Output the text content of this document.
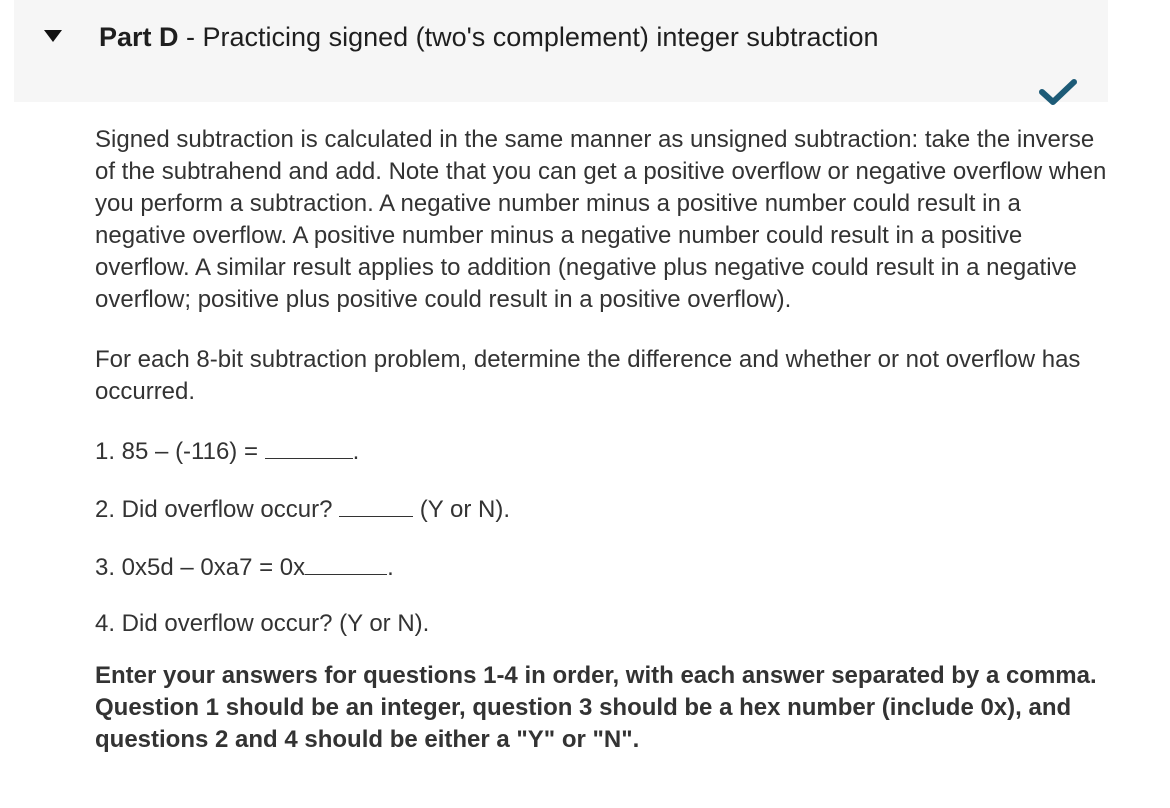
Part D - Practicing signed (two's complement) integer subtraction

Signed subtraction is calculated in the same manner as unsigned subtraction: take the inverse of the subtrahend and add. Note that you can get a positive overflow or negative overflow when you perform a subtraction. A negative number minus a positive number could result in a negative overflow. A positive number minus a negative number could result in a positive overflow. A similar result applies to addition (negative plus negative could result in a negative overflow; positive plus positive could result in a positive overflow).

For each 8-bit subtraction problem, determine the difference and whether or not overflow has occurred.

1. 85 – (-116) =	.
2. Did overflow occur?	(Y or N).
3. 0x5d – 0xa7 = 0x	.
4. Did overflow occur? (Y or N).

Enter your answers for questions 1-4 in order, with each answer separated by a comma. Question 1 should be an integer, question 3 should be a hex number (include 0x), and questions 2 and 4 should be either a "Y" or "N".
